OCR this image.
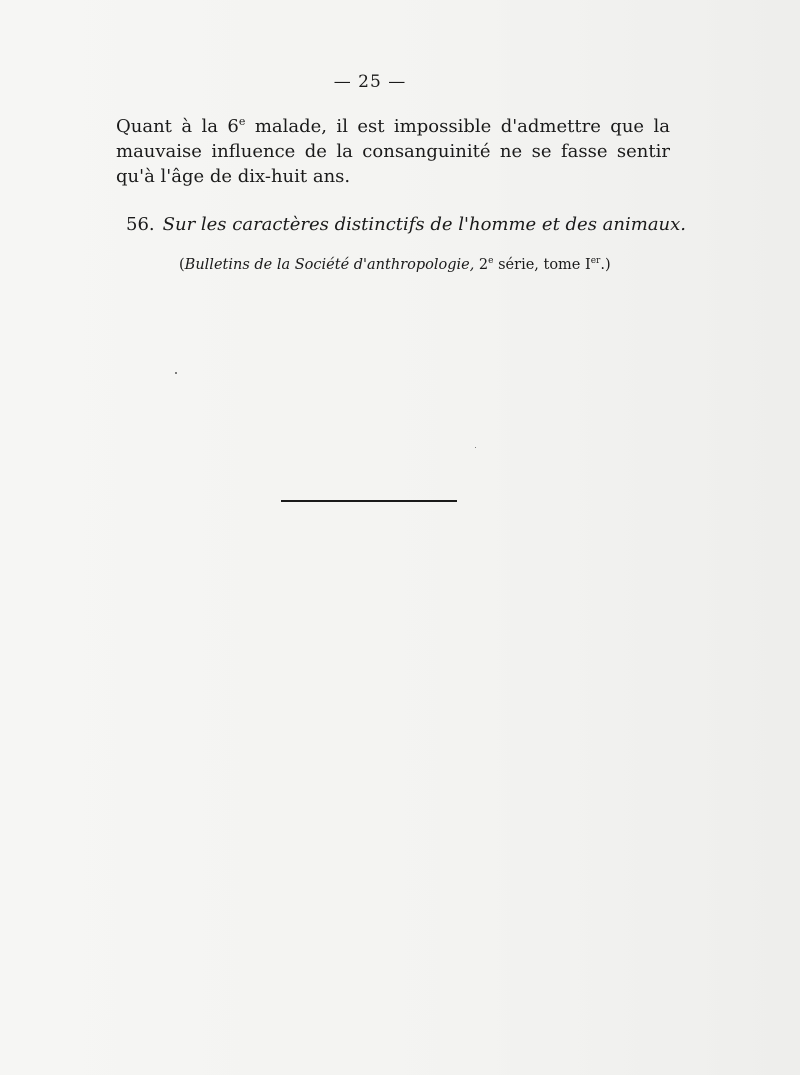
— 25 —

Quant à la 6e malade, il est impossible d'admettre que la mauvaise influence de la consanguinité ne se fasse sentir qu'à l'âge de dix-huit ans.

56. Sur les caractères distinctifs de l'homme et des animaux.
(Bulletins de la Société d'anthropologie, 2e série, tome Ier.)
